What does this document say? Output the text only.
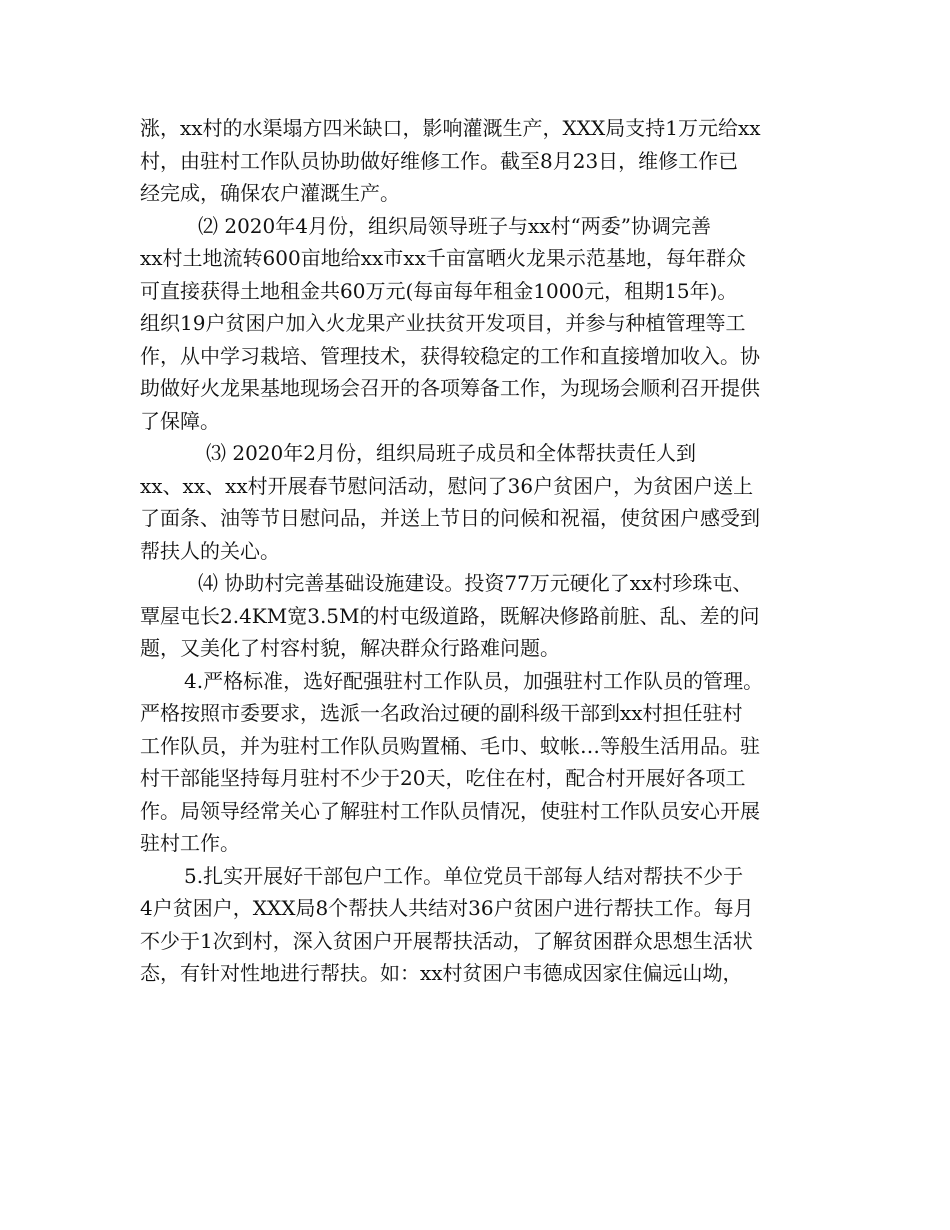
涨，xx村的水渠塌方四米缺口，影响灌溉生产，XXX局支持1万元给xx
村，由驻村工作队员协助做好维修工作。截至8月23日，维修工作已
经完成，确保农户灌溉生产。
⑵ 2020年4月份，组织局领导班子与xx村“两委”协调完善
xx村土地流转600亩地给xx市xx千亩富晒火龙果示范基地，每年群众
可直接获得土地租金共60万元(每亩每年租金1000元，租期15年)。
组织19户贫困户加入火龙果产业扶贫开发项目，并参与种植管理等工
作，从中学习栽培、管理技术，获得较稳定的工作和直接增加收入。协
助做好火龙果基地现场会召开的各项筹备工作，为现场会顺利召开提供
了保障。
⑶ 2020年2月份，组织局班子成员和全体帮扶责任人到
xx、xx、xx村开展春节慰问活动，慰问了36户贫困户，为贫困户送上
了面条、油等节日慰问品，并送上节日的问候和祝福，使贫困户感受到
帮扶人的关心。
⑷ 协助村完善基础设施建设。投资77万元硬化了xx村珍珠屯、
覃屋屯长2.4KM宽3.5M的村屯级道路，既解决修路前脏、乱、差的问
题，又美化了村容村貌，解决群众行路难问题。
4.严格标准，选好配强驻村工作队员，加强驻村工作队员的管理。
严格按照市委要求，选派一名政治过硬的副科级干部到xx村担任驻村
工作队员，并为驻村工作队员购置桶、毛巾、蚊帐…等般生活用品。驻
村干部能坚持每月驻村不少于20天，吃住在村，配合村开展好各项工
作。局领导经常关心了解驻村工作队员情况，使驻村工作队员安心开展
驻村工作。
5.扎实开展好干部包户工作。单位党员干部每人结对帮扶不少于
4户贫困户，XXX局8个帮扶人共结对36户贫困户进行帮扶工作。每月
不少于1次到村，深入贫困户开展帮扶活动，了解贫困群众思想生活状
态，有针对性地进行帮扶。如：xx村贫困户韦德成因家住偏远山坳，
